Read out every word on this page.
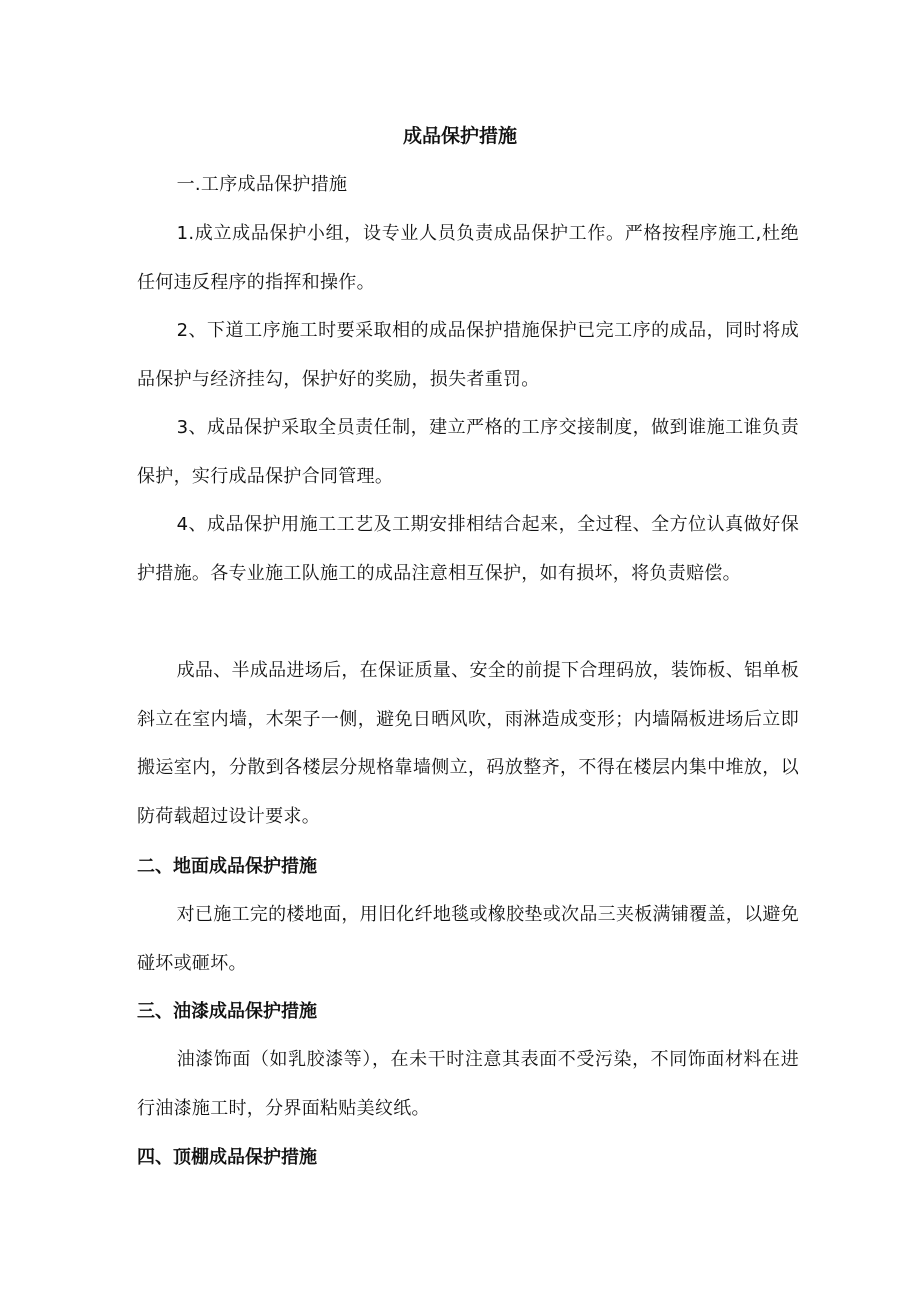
成品保护措施

一.工序成品保护措施

1.成立成品保护小组，设专业人员负责成品保护工作。严格按程序施工,杜绝任何违反程序的指挥和操作。

2、下道工序施工时要采取相的成品保护措施保护已完工序的成品，同时将成品保护与经济挂勾，保护好的奖励，损失者重罚。

3、成品保护采取全员责任制，建立严格的工序交接制度，做到谁施工谁负责保护，实行成品保护合同管理。

4、成品保护用施工工艺及工期安排相结合起来，全过程、全方位认真做好保护措施。各专业施工队施工的成品注意相互保护，如有损坏，将负责赔偿。

成品、半成品进场后，在保证质量、安全的前提下合理码放，装饰板、铝单板斜立在室内墙，木架子一侧，避免日晒风吹，雨淋造成变形；内墙隔板进场后立即搬运室内，分散到各楼层分规格靠墙侧立，码放整齐，不得在楼层内集中堆放，以防荷载超过设计要求。

二、地面成品保护措施

对已施工完的楼地面，用旧化纤地毯或橡胶垫或次品三夹板满铺覆盖，以避免碰坏或砸坏。

三、油漆成品保护措施

油漆饰面（如乳胶漆等），在未干时注意其表面不受污染，不同饰面材料在进行油漆施工时，分界面粘贴美纹纸。

四、顶棚成品保护措施
